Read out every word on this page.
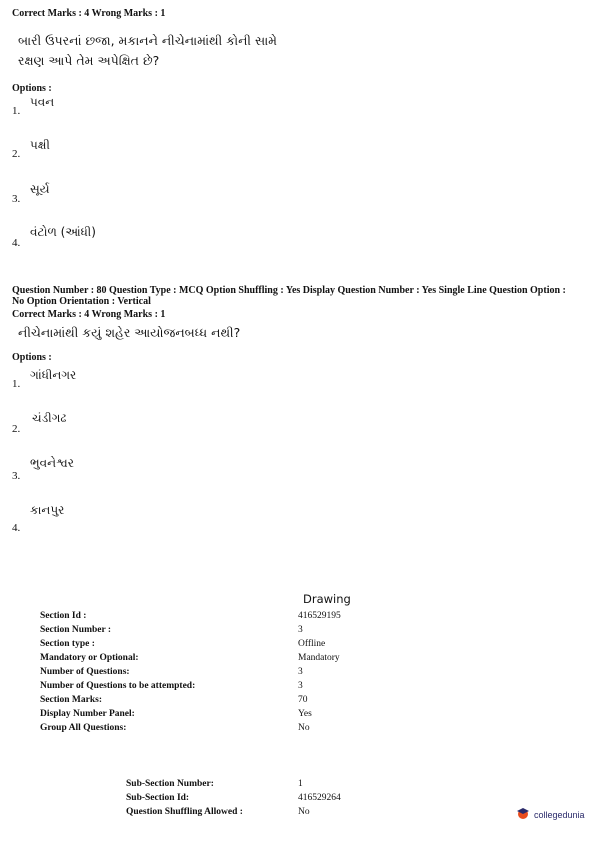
Correct Marks : 4 Wrong Marks : 1
બારી ઉપરનાં છજા, મકાનને નીચેનામાંથી કોની સામે
રક્ષણ આપે તેમ અપેક્ષિત છે?
Options :
1.
પવન
2.
પક્ષી
3.
સૂર્ય
4.
વંટોળ (આંધી)
Question Number : 80 Question Type : MCQ Option Shuffling : Yes Display Question Number : Yes Single Line Question Option :
No Option Orientation : Vertical
Correct Marks : 4 Wrong Marks : 1
નીચેનામાંથી કયું શહેર આયોજનબધ્ધ નથી?
Options :
1.
ગાંધીનગર
2.
ચંડીગઢ
3.
ભુવનેશ્વર
4.
કાનપુર
Drawing
Section Id :	416529195
Section Number :	3
Section type :	Offline
Mandatory or Optional:	Mandatory
Number of Questions:	3
Number of Questions to be attempted:	3
Section Marks:	70
Display Number Panel:	Yes
Group All Questions:	No
Sub-Section Number:	1
Sub-Section Id:	416529264
Question Shuffling Allowed :	No	collegedunia
